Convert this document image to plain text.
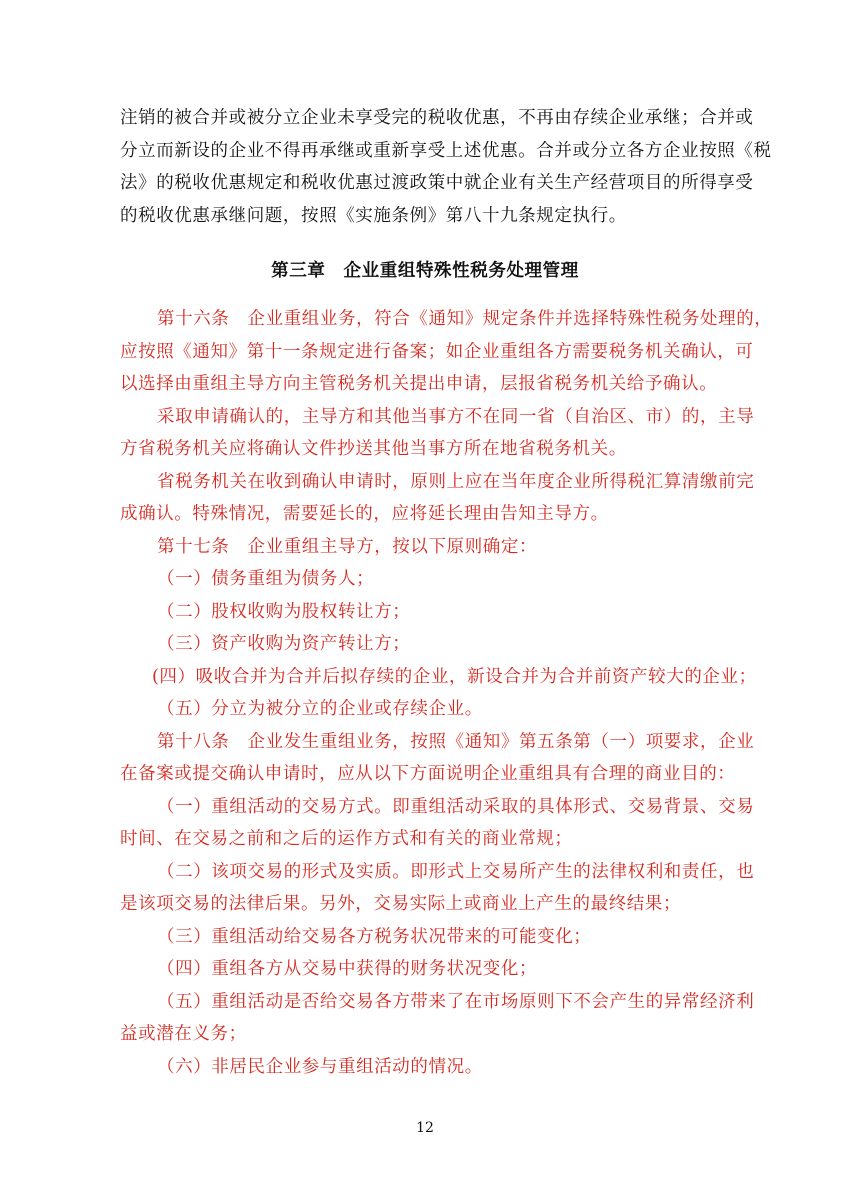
注销的被合并或被分立企业未享受完的税收优惠，不再由存续企业承继；合并或
分立而新设的企业不得再承继或重新享受上述优惠。合并或分立各方企业按照《税
法》的税收优惠规定和税收优惠过渡政策中就企业有关生产经营项目的所得享受
的税收优惠承继问题，按照《实施条例》第八十九条规定执行。
第三章　企业重组特殊性税务处理管理
第十六条　企业重组业务，符合《通知》规定条件并选择特殊性税务处理的，
应按照《通知》第十一条规定进行备案；如企业重组各方需要税务机关确认，可
以选择由重组主导方向主管税务机关提出申请，层报省税务机关给予确认。
采取申请确认的，主导方和其他当事方不在同一省（自治区、市）的，主导
方省税务机关应将确认文件抄送其他当事方所在地省税务机关。
省税务机关在收到确认申请时，原则上应在当年度企业所得税汇算清缴前完
成确认。特殊情况，需要延长的，应将延长理由告知主导方。
第十七条　企业重组主导方，按以下原则确定：
（一）债务重组为债务人；
（二）股权收购为股权转让方；
（三）资产收购为资产转让方；
(四）吸收合并为合并后拟存续的企业，新设合并为合并前资产较大的企业；
（五）分立为被分立的企业或存续企业。
第十八条　企业发生重组业务，按照《通知》第五条第（一）项要求，企业
在备案或提交确认申请时，应从以下方面说明企业重组具有合理的商业目的：
（一）重组活动的交易方式。即重组活动采取的具体形式、交易背景、交易
时间、在交易之前和之后的运作方式和有关的商业常规；
（二）该项交易的形式及实质。即形式上交易所产生的法律权利和责任，也
是该项交易的法律后果。另外，交易实际上或商业上产生的最终结果；
（三）重组活动给交易各方税务状况带来的可能变化；
（四）重组各方从交易中获得的财务状况变化；
（五）重组活动是否给交易各方带来了在市场原则下不会产生的异常经济利
益或潜在义务；
（六）非居民企业参与重组活动的情况。
12
